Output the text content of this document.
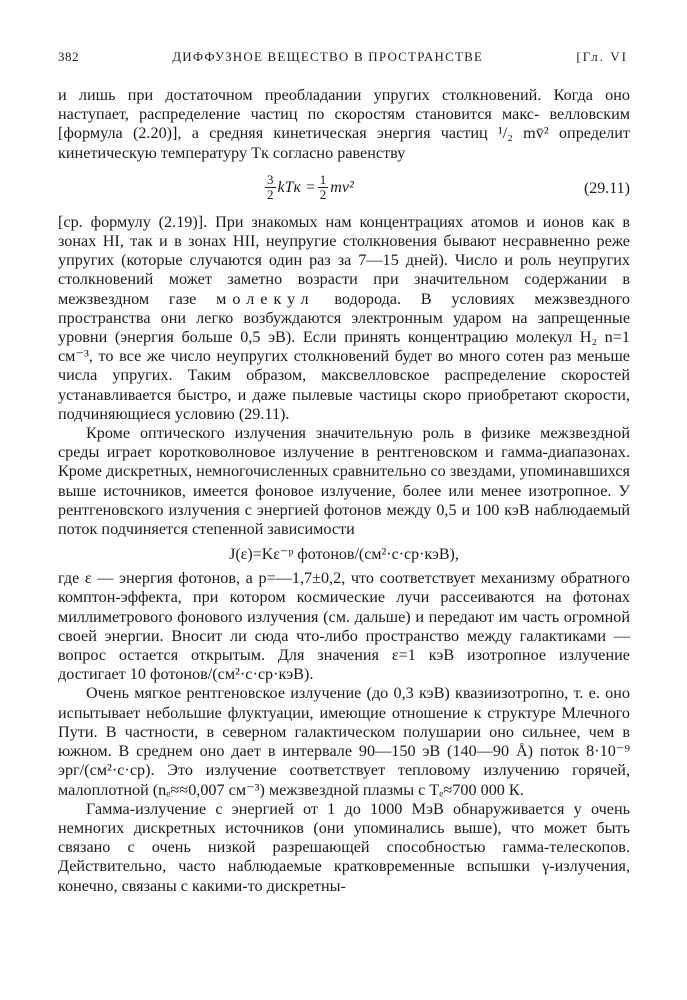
382	ДИФФУЗНОЕ ВЕЩЕСТВО В ПРОСТРАНСТВЕ	[Гл. VI

и лишь при достаточном преобладании упругих столкновений. Когда оно наступает, распределение частиц по скоростям становится макс- велловским [формула (2.20)], а средняя кинетическая энергия частиц ¹/₂ mv̄² определит кинетическую температуру Tк согласно равенству

$\frac{3}{2}$ kTк = $\frac{1}{2} mv^2$	(29.11)

[ср. формулу (2.19)]. При знакомых нам концентрациях атомов и ионов как в зонах HI, так и в зонах HII, неупругие столкновения бывают несравненно реже упругих (которые случаются один раз за 7—15 дней). Число и роль неупругих столкновений может заметно возрасти при значительном содержании в межзвездном газе молекул водорода. В условиях межзвездного пространства они легко возбуждаются электронным ударом на запрещенные уровни (энергия больше 0,5 эВ). Если принять концентрацию молекул H₂ n=1 см⁻³, то все же число неупругих столкновений будет во много сотен раз меньше числа упругих. Таким образом, максвелловское распределение скоростей устанавливается быстро, и даже пылевые частицы скоро приобретают скорости, подчиняющиеся условию (29.11).

Кроме оптического излучения значительную роль в физике межзвездной среды играет коротковолновое излучение в рентгеновском и гамма-диапазонах. Кроме дискретных, немногочисленных сравнительно со звездами, упоминавшихся выше источников, имеется фоновое излучение, более или менее изотропное. У рентгеновского излучения с энергией фотонов между 0,5 и 100 кэВ наблюдаемый поток подчиняется степенной зависимости

J(ε)=Kε⁻ᵖ фотонов/(см²·с·ср·кэВ),

где ε — энергия фотонов, а p=—1,7±0,2, что соответствует механизму обратного комптон-эффекта, при котором космические лучи рассеиваются на фотонах миллиметрового фонового излучения (см. дальше) и передают им часть огромной своей энергии. Вносит ли сюда что-либо пространство между галактиками — вопрос остается открытым. Для значения ε=1 кэВ изотропное излучение достигает 10 фотонов/(см²·с·ср·кэВ).

Очень мягкое рентгеновское излучение (до 0,3 кэВ) квазиизотропно, т. е. оно испытывает небольшие флуктуации, имеющие отношение к структуре Млечного Пути. В частности, в северном галактическом полушарии оно сильнее, чем в южном. В среднем оно дает в интервале 90—150 эВ (140—90 Å) поток 8·10⁻⁹ эрг/(см²·с·ср). Это излучение соответствует тепловому излучению горячей, малоплотной (nₑ≈≈0,007 см⁻³) межзвездной плазмы с Tₑ≈700 000 К.

Гамма-излучение с энергией от 1 до 1000 МэВ обнаруживается у очень немногих дискретных источников (они упоминались выше), что может быть связано с очень низкой разрешающей способностью гамма-телескопов. Действительно, часто наблюдаемые кратковременные вспышки γ-излучения, конечно, связаны с какими-то дискретны-
